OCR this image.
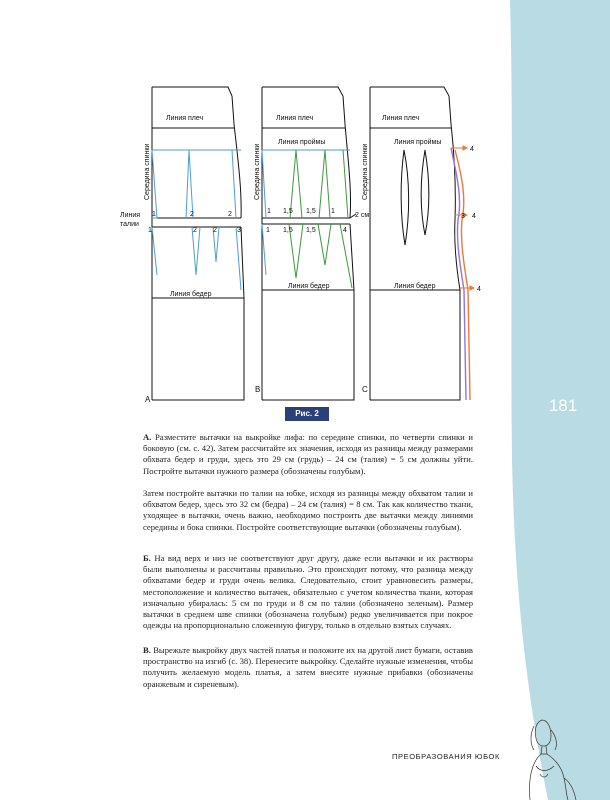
181
Линия плеч	Линия плеч	Линия плеч
Линия проймы	Линия проймы
Линия бедер
Линия бедер	Линия бедер
Линия
талии
2 см
Середина спинки	Середина спинки	Середина спинки
1	2	2
1	2 2	3
1 1,5 1,5 1
1 1,5 1,5	4
4
3 4
4
A
B	C
Рис. 2

A. Разместите вытачки на выкройке лифа: по середине спинки, по четверти спинки и боковую (см. с. 42). Затем рассчитайте их значения, исходя из разницы между размерами обхвата бедер и груди, здесь это 29 см (грудь) – 24 см (талия) = 5 см должны уйти. Постройте вытачки нужного размера (обозначены голубым).

Затем постройте вытачки по талии на юбке, исходя из разницы между обхватом талии и обхватом бедер, здесь это 32 см (бедра) – 24 см (талия) = 8 см. Так как количество ткани, уходящее в вытачки, очень важно, необходимо построить две вытачки между линиями середины и бока спинки. Постройте соответствующие вытачки (обозначены голубым).

Б. На вид верх и низ не соответствуют друг другу, даже если вытачки и их растворы были выполнены и рассчитаны правильно. Это происходит потому, что разница между обхватами бедер и груди очень велика. Следовательно, стоит уравновесить размеры, местоположение и количество вытачек, обязательно с учетом количества ткани, которая изначально убиралась: 5 см по груди и 8 см по талии (обозначено зеленым). Размер вытачки в среднем шве спинки (обозначена голубым) редко увеличивается при покрое одежды на пропорционально сложенную фигуру, только в отдельно взятых случаях.

В. Вырежьте выкройку двух частей платья и положите их на другой лист бумаги, оставив пространство на изгиб (с. 38). Перенесите выкройку. Сделайте нужные изменения, чтобы получить желаемую модель платья, а затем внесите нужные прибавки (обозначены оранжевым и сиреневым).

ПРЕОБРАЗОВАНИЯ ЮБОК
